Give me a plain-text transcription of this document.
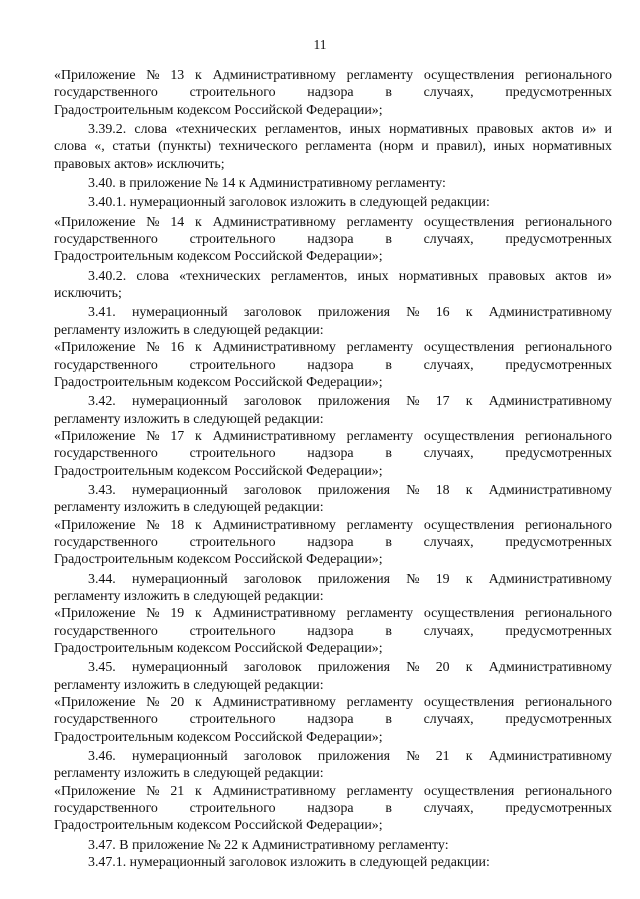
11
«Приложение № 13 к Административному регламенту осуществления регионального
государственного строительного надзора в случаях, предусмотренных
Градостроительным кодексом Российской Федерации»;
3.39.2. слова «технических регламентов, иных нормативных правовых актов и» и
слова «, статьи (пункты) технического регламента (норм и правил), иных нормативных
правовых актов» исключить;
3.40. в приложение № 14 к Административному регламенту:
3.40.1. нумерационный заголовок изложить в следующей редакции:
«Приложение № 14 к Административному регламенту осуществления регионального
государственного строительного надзора в случаях, предусмотренных
Градостроительным кодексом Российской Федерации»;
3.40.2. слова «технических регламентов, иных нормативных правовых актов и»
исключить;
3.41. нумерационный заголовок приложения № 16 к Административному
регламенту изложить в следующей редакции:
«Приложение № 16 к Административному регламенту осуществления регионального
государственного строительного надзора в случаях, предусмотренных
Градостроительным кодексом Российской Федерации»;
3.42. нумерационный заголовок приложения № 17 к Административному
регламенту изложить в следующей редакции:
«Приложение № 17 к Административному регламенту осуществления регионального
государственного строительного надзора в случаях, предусмотренных
Градостроительным кодексом Российской Федерации»;
3.43. нумерационный заголовок приложения № 18 к Административному
регламенту изложить в следующей редакции:
«Приложение № 18 к Административному регламенту осуществления регионального
государственного строительного надзора в случаях, предусмотренных
Градостроительным кодексом Российской Федерации»;
3.44. нумерационный заголовок приложения № 19 к Административному
регламенту изложить в следующей редакции:
«Приложение № 19 к Административному регламенту осуществления регионального
государственного строительного надзора в случаях, предусмотренных
Градостроительным кодексом Российской Федерации»;
3.45. нумерационный заголовок приложения № 20 к Административному
регламенту изложить в следующей редакции:
«Приложение № 20 к Административному регламенту осуществления регионального
государственного строительного надзора в случаях, предусмотренных
Градостроительным кодексом Российской Федерации»;
3.46. нумерационный заголовок приложения № 21 к Административному
регламенту изложить в следующей редакции:
«Приложение № 21 к Административному регламенту осуществления регионального
государственного строительного надзора в случаях, предусмотренных
Градостроительным кодексом Российской Федерации»;
3.47. В приложение № 22 к Административному регламенту:
3.47.1. нумерационный заголовок изложить в следующей редакции:
